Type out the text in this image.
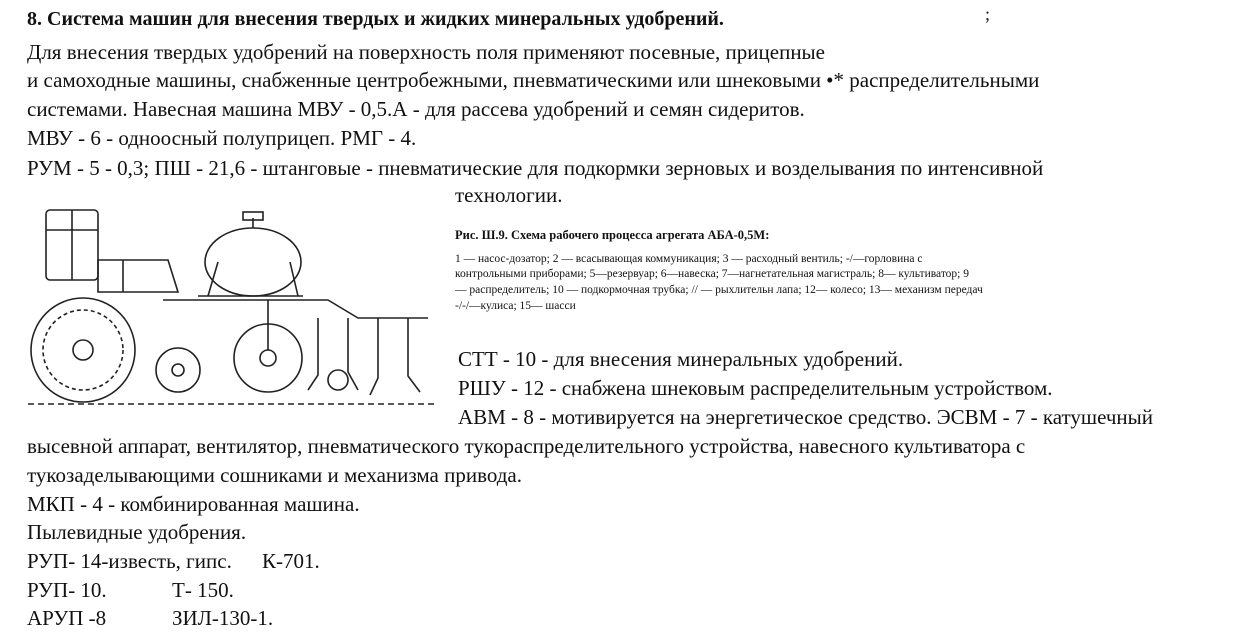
8. Система машин для внесения твердых и жидких минеральных удобрений.	;
Для внесения твердых удобрений на поверхность поля применяют посевные, прицепные
и самоходные машины, снабженные центробежными, пневматическими или шнековыми •* распределительными
системами. Навесная машина МВУ - 0,5.А - для рассева удобрений и семян сидеритов.
МВУ - 6 - одноосный полуприцеп. РМГ - 4.
РУМ - 5 - 0,3; ПШ - 21,6 - штанговые - пневматические для подкормки зерновых и возделывания по интенсивной
технологии.
Рис. Ш.9. Схема рабочего процесса агрегата АБА-0,5М:
1 — насос-дозатор; 2 — всасывающая коммуникация; 3 — расходный вентиль; -/—горловина с
контрольными приборами; 5—резервуар; 6—навеска; 7—нагнетательная магистраль; 8— культиватор; 9
— распределитель; 10 — подкормочная трубка; // — рыхлительн лапа; 12— колесо; 13— механизм передач
-/-/—кулиса; 15— шасси
СТТ - 10 - для внесения минеральных удобрений.
РШУ - 12 - снабжена шнековым распределительным устройством.
АВМ - 8 - мотивируется на энергетическое средство. ЭСВМ - 7 - катушечный
высевной аппарат, вентилятор, пневматического тукораспределительного устройства, навесного культиватора с
тукозаделывающими сошниками и механизма привода.
МКП - 4 - комбинированная машина.
Пылевидные удобрения.
РУП- 14-известь, гипс. К-701.
РУП- 10.	Т- 150.
АРУП -8	ЗИЛ-130-1.
